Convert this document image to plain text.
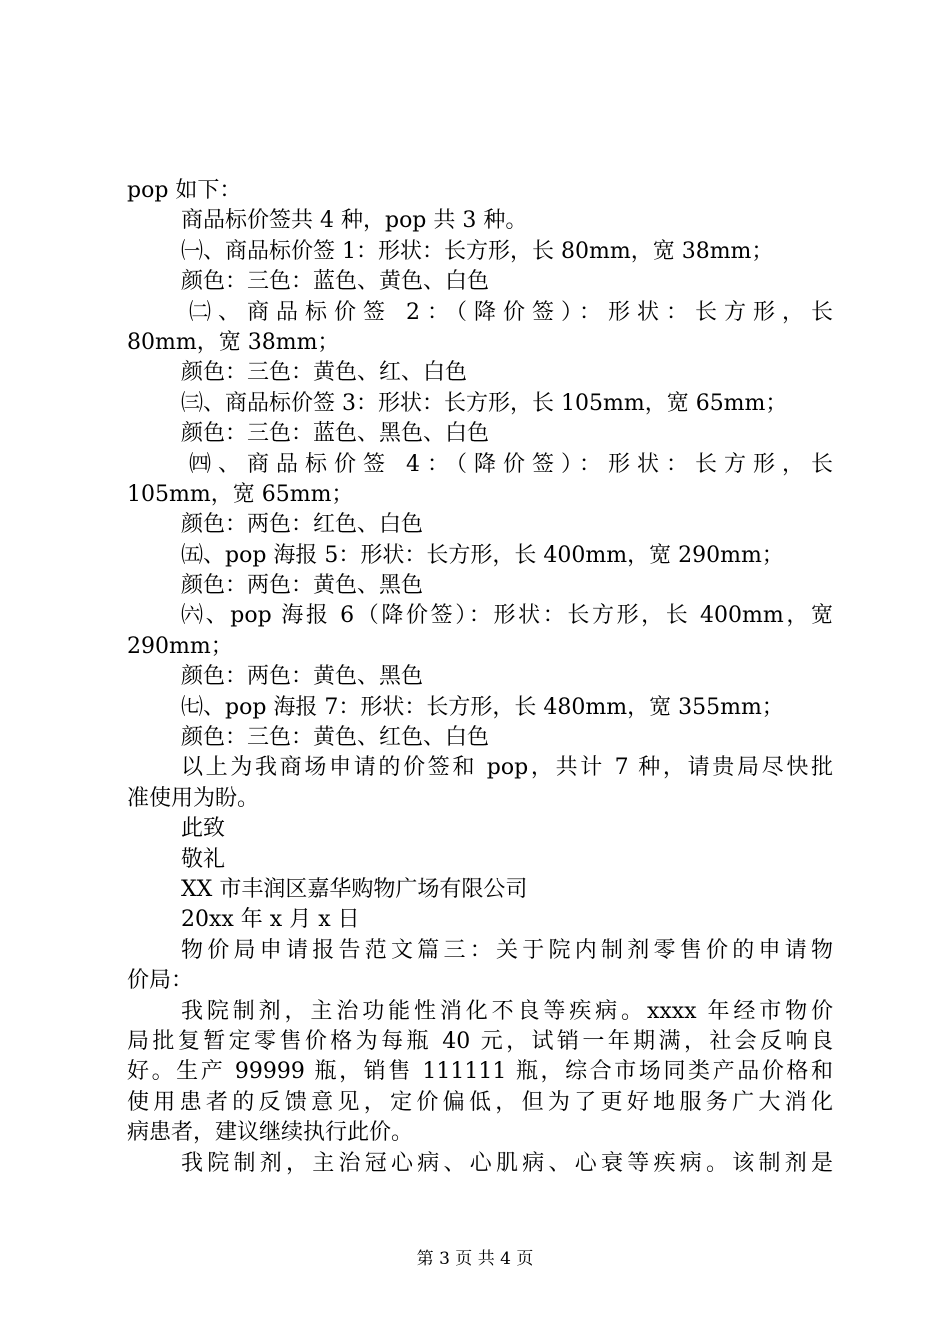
pop 如下：
商品标价签共 4 种，pop 共 3 种。
㈠、商品标价签 1：形状：长方形，长 80mm，宽 38mm；
颜色：三色：蓝色、黄色、白色
㈡、商品标价签 2：（降价签）：形状：长方形，长
80mm，宽 38mm；
颜色：三色：黄色、红、白色
㈢、商品标价签 3：形状：长方形，长 105mm，宽 65mm；
颜色：三色：蓝色、黑色、白色
㈣、商品标价签 4：（降价签）：形状：长方形，长
105mm，宽 65mm；
颜色：两色：红色、白色
㈤、pop 海报 5：形状：长方形，长 400mm，宽 290mm；
颜色：两色：黄色、黑色
㈥、pop 海报 6（降价签）：形状：长方形，长 400mm，宽
290mm；
颜色：两色：黄色、黑色
㈦、pop 海报 7：形状：长方形，长 480mm，宽 355mm；
颜色：三色：黄色、红色、白色
以上为我商场申请的价签和 pop，共计 7 种，请贵局尽快批
准使用为盼。
此致
敬礼
XX 市丰润区嘉华购物广场有限公司
20xx 年 x 月 x 日
物价局申请报告范文篇三：关于院内制剂零售价的申请物
价局：
我院制剂，主治功能性消化不良等疾病。xxxx 年经市物价
局批复暂定零售价格为每瓶 40 元，试销一年期满，社会反响良
好。生产 99999 瓶，销售 111111 瓶，综合市场同类产品价格和
使用患者的反馈意见，定价偏低，但为了更好地服务广大消化
病患者，建议继续执行此价。
我院制剂，主治冠心病、心肌病、心衰等疾病。该制剂是
第 3 页 共 4 页
